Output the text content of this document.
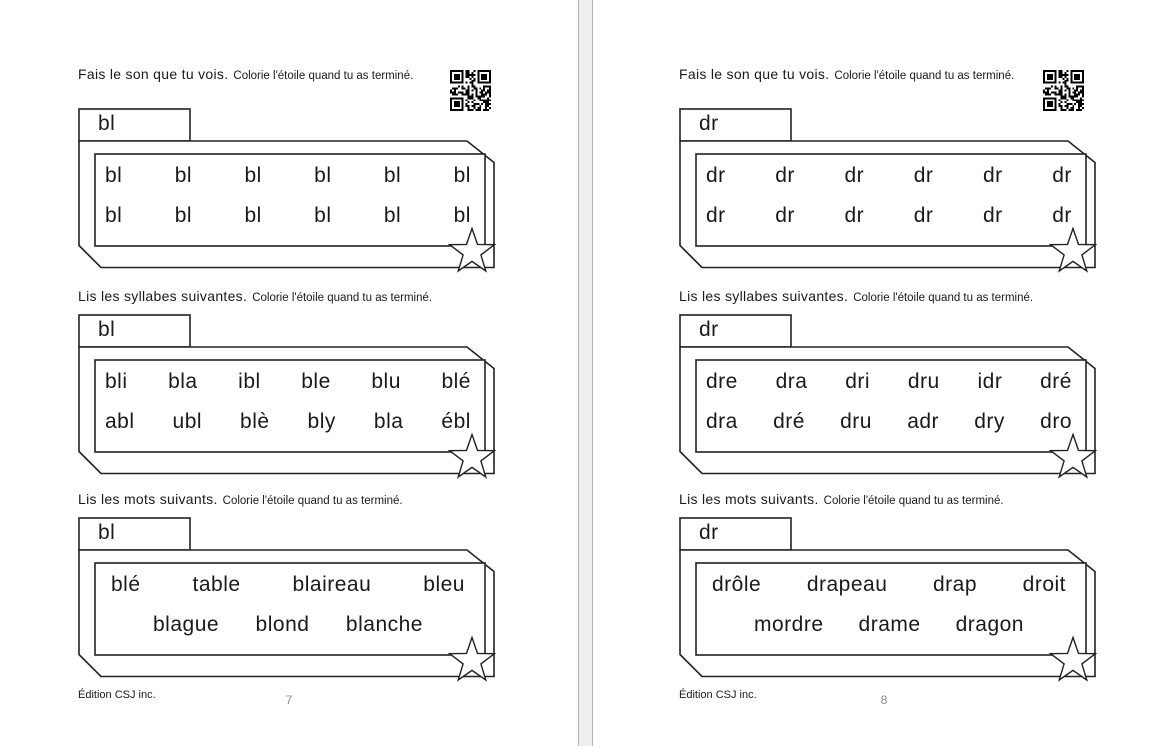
Fais le son que tu vois. Colorie l'étoile quand tu as terminé.
bl
bl bl bl bl bl bl
bl bl bl bl bl bl
Lis les syllabes suivantes. Colorie l'étoile quand tu as terminé.
bl
bli bla ibl ble blu blé
abl ubl blè bly bla ébl
Lis les mots suivants. Colorie l'étoile quand tu as terminé.
bl
blé table blaireau bleu
blague blond blanche
Édition CSJ inc.	7
Fais le son que tu vois. Colorie l'étoile quand tu as terminé.
dr
dr dr dr dr dr dr
dr dr dr dr dr dr
Lis les syllabes suivantes. Colorie l'étoile quand tu as terminé.
dr
dre dra dri dru idr dré
dra dré dru adr dry dro
Lis les mots suivants. Colorie l'étoile quand tu as terminé.
dr
drôle drapeau drap droit
mordre drame dragon
Édition CSJ inc.	8
